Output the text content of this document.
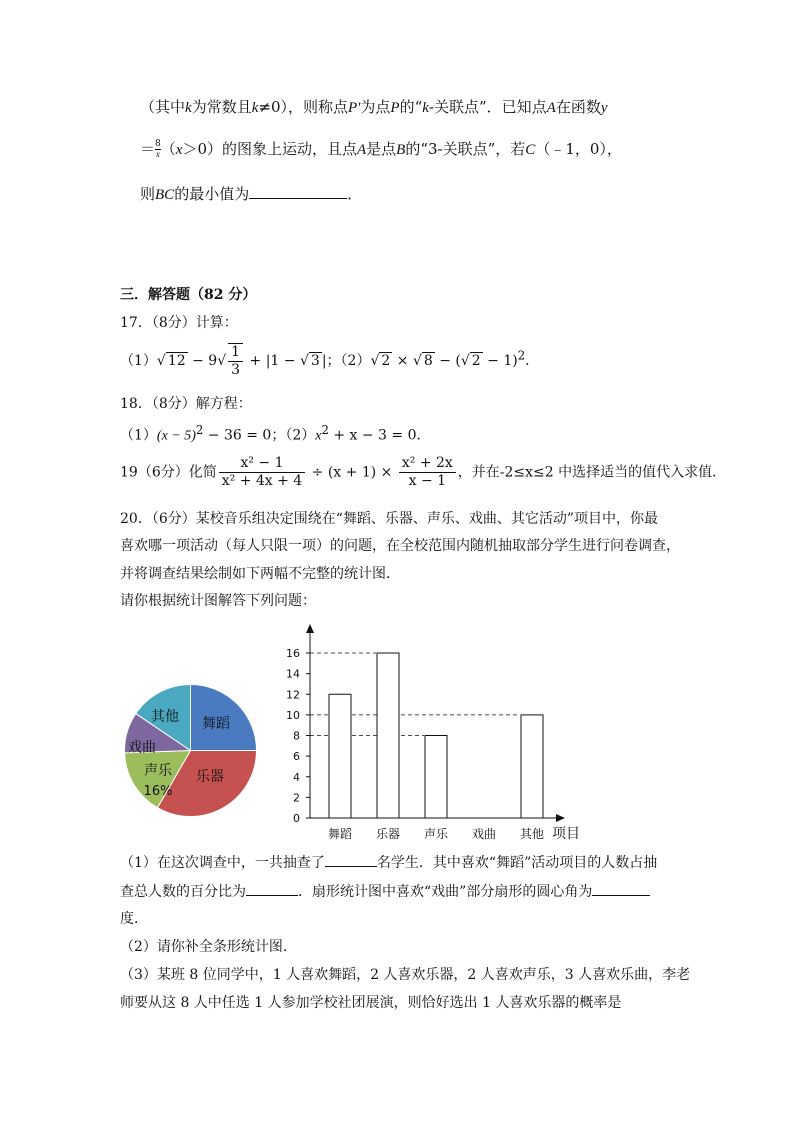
（其中k为常数且k≠0），则称点P'为点P的“k-关联点”．已知点A在函数y
＝ $\frac{8}{x}(x>0)$的图象上运动，且点A是点B的“3-关联点”，若C（﹣1，0），
则BC的最小值为	．
三．解答题（82 分）
17．（8分）计算：
（1）√ $12 - 9√ \frac{1}{3} + |1$ − √ 3 |；（2）√ 2 × √ 8 − (√ 2 − 1)$^2$．
18．（8分）解方程：
$(1)(x - 5)^2 - 36 = 0$；$(2)x^2 + x - 3 = 0$．
19（6分）化简 $\frac{\text{x² − 1}}{\text{x² + 4x + 4}} \div (x + 1) \times \frac{\text{x² + 2x}}{x - 1}$ ，并在-2≤x≤2 中选择适当的值代入求值．
20．（6分）某校音乐组决定围绕在“舞蹈、乐器、声乐、戏曲、其它活动”项目中，你最
喜欢哪一项活动（每人只限一项）的问题，在全校范围内随机抽取部分学生进行问卷调查，
并将调查结果绘制如下两幅不完整的统计图．
请你根据统计图解答下列问题：
舞蹈
乐器
声乐
16%
戏曲
其他
0
2
4
6
8
10
12
14
16
舞蹈 乐器 声乐 戏曲 其他 项目
（1）在这次调查中，一共抽查了	名学生．其中喜欢“舞蹈”活动项目的人数占抽
查总人数的百分比为	．扇形统计图中喜欢“戏曲”部分扇形的圆心角为
度．
（2）请你补全条形统计图．
（3）某班 8 位同学中，1 人喜欢舞蹈，2 人喜欢乐器，2 人喜欢声乐，3 人喜欢乐曲，李老
师要从这 8 人中任选 1 人参加学校社团展演，则恰好选出 1 人喜欢乐器的概率是
